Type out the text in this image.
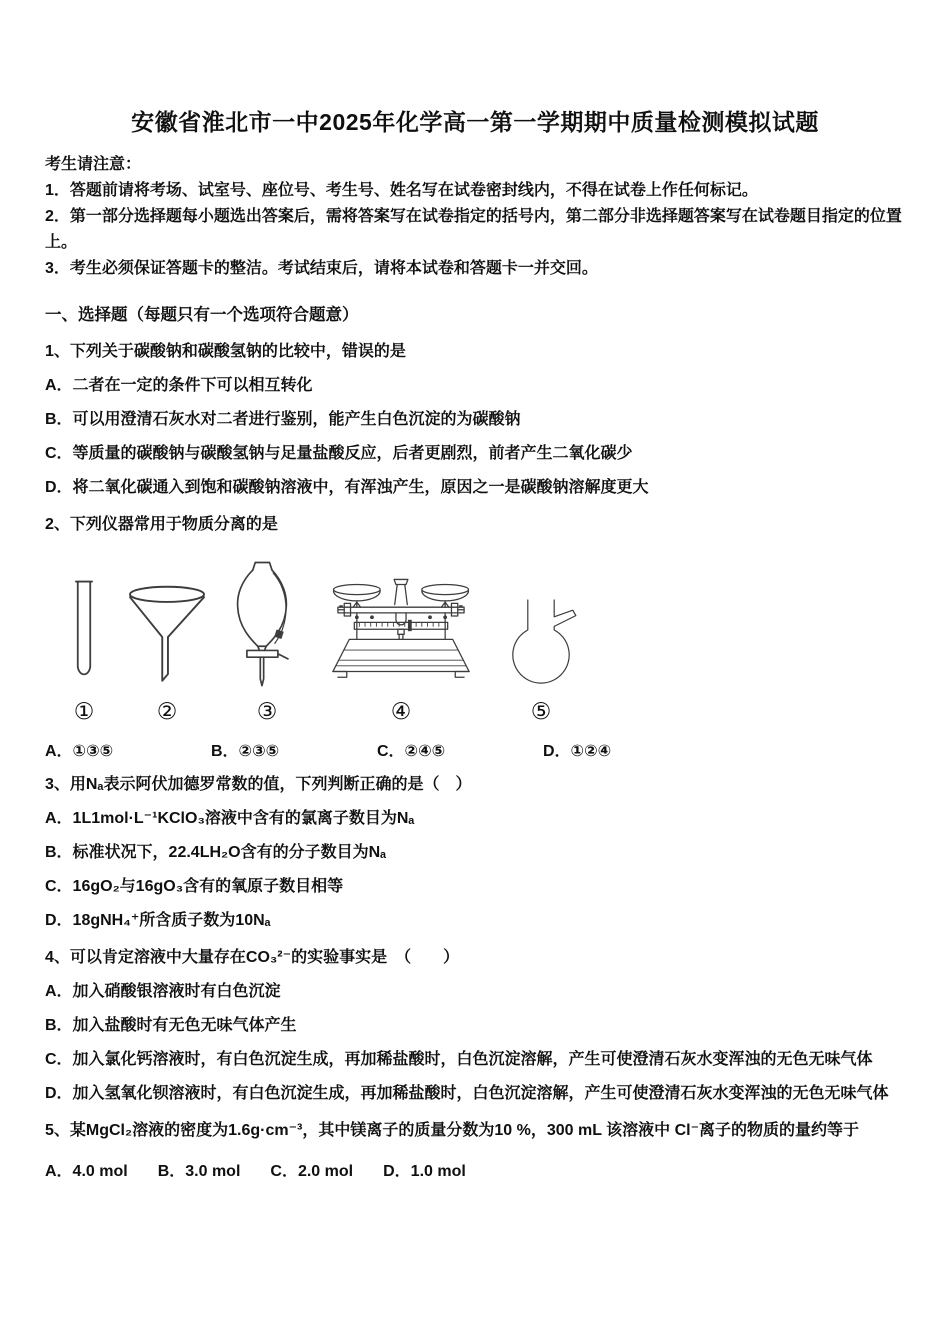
安徽省淮北市一中2025年化学高一第一学期期中质量检测模拟试题

考生请注意：

1．答题前请将考场、试室号、座位号、考生号、姓名写在试卷密封线内，不得在试卷上作任何标记。

2．第一部分选择题每小题选出答案后，需将答案写在试卷指定的括号内，第二部分非选择题答案写在试卷题目指定的位置上。

3．考生必须保证答题卡的整洁。考试结束后，请将本试卷和答题卡一并交回。

一、选择题（每题只有一个选项符合题意）

1、下列关于碳酸钠和碳酸氢钠的比较中，错误的是

A．二者在一定的条件下可以相互转化

B．可以用澄清石灰水对二者进行鉴别，能产生白色沉淀的为碳酸钠

C．等质量的碳酸钠与碳酸氢钠与足量盐酸反应，后者更剧烈，前者产生二氧化碳少

D．将二氧化碳通入到饱和碳酸钠溶液中，有浑浊产生，原因之一是碳酸钠溶解度更大

2、下列仪器常用于物质分离的是

①	②	③	④	⑤
A．①③⑤	B．②③⑤	C．②④⑤	D．①②④

3、用Nₐ表示阿伏加德罗常数的值，下列判断正确的是（　）

A．1L1mol·L⁻¹KClO₃溶液中含有的氯离子数目为Nₐ

B．标准状况下，22.4LH₂O含有的分子数目为Nₐ

C．16gO₂与16gO₃含有的氧原子数目相等

D．18gNH₄⁺所含质子数为10Nₐ

4、可以肯定溶液中大量存在CO₃²⁻的实验事实是　（　　）

A．加入硝酸银溶液时有白色沉淀

B．加入盐酸时有无色无味气体产生

C．加入氯化钙溶液时，有白色沉淀生成，再加稀盐酸时，白色沉淀溶解，产生可使澄清石灰水变浑浊的无色无味气体

D．加入氢氧化钡溶液时，有白色沉淀生成，再加稀盐酸时，白色沉淀溶解，产生可使澄清石灰水变浑浊的无色无味气体

5、某MgCl₂溶液的密度为1.6g·cm⁻³，其中镁离子的质量分数为10 %，300 mL 该溶液中 Cl⁻离子的物质的量约等于

A．4.0 mol B．3.0 mol C．2.0 mol D．1.0 mol
